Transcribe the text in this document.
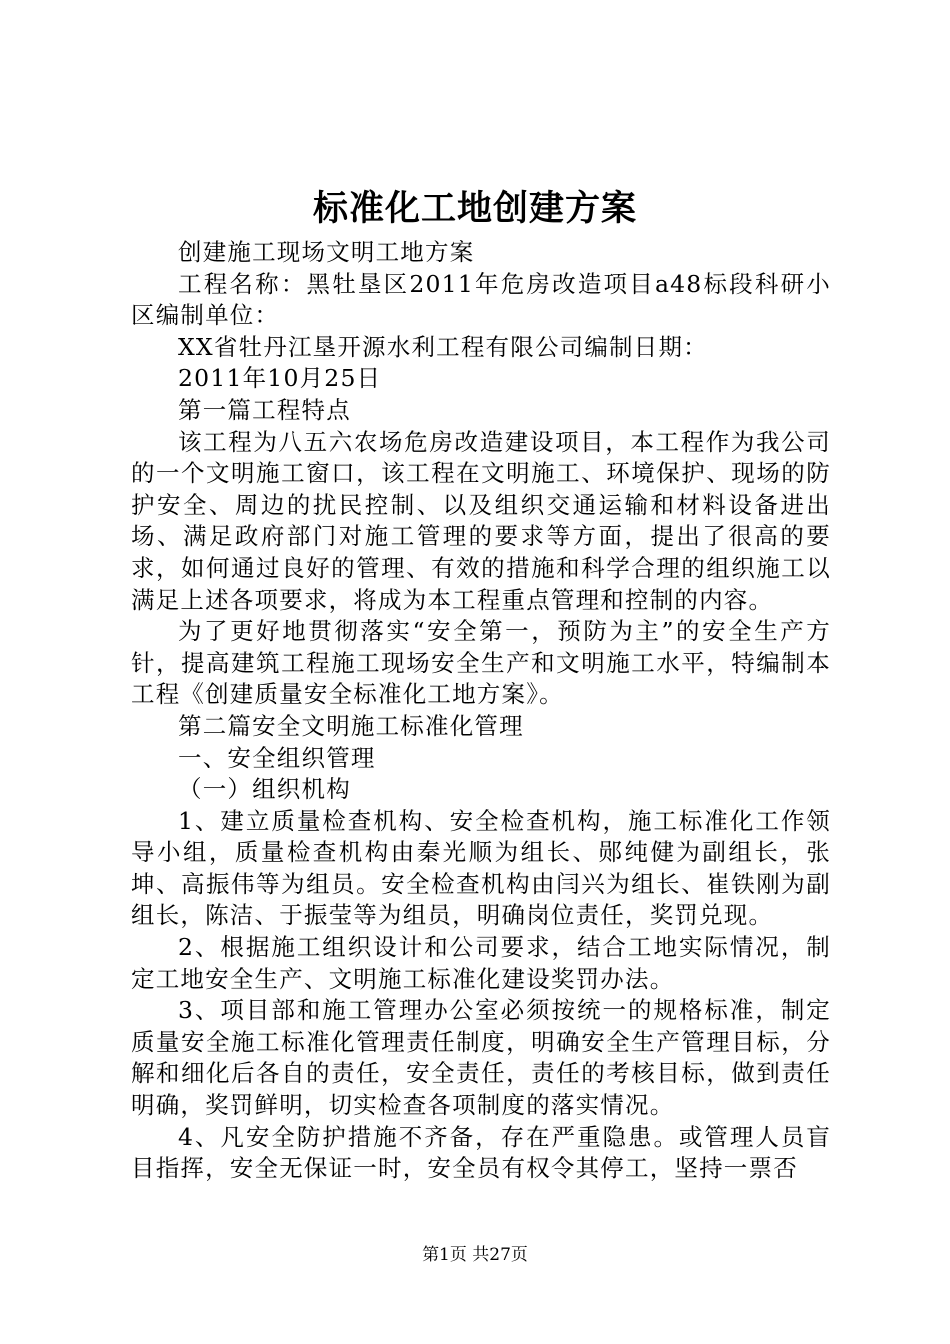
标准化工地创建方案

创建施工现场文明工地方案

工程名称：黑牡垦区2011年危房改造项目a48标段科研小区编制单位：

XX省牡丹江垦开源水利工程有限公司编制日期：

2011年10月25日

第一篇工程特点

该工程为八五六农场危房改造建设项目，本工程作为我公司的一个文明施工窗口，该工程在文明施工、环境保护、现场的防护安全、周边的扰民控制、以及组织交通运输和材料设备进出场、满足政府部门对施工管理的要求等方面，提出了很高的要求，如何通过良好的管理、有效的措施和科学合理的组织施工以满足上述各项要求，将成为本工程重点管理和控制的内容。

为了更好地贯彻落实“安全第一，预防为主”的安全生产方针，提高建筑工程施工现场安全生产和文明施工水平，特编制本工程《创建质量安全标准化工地方案》。

第二篇安全文明施工标准化管理

一、安全组织管理

（一）组织机构

1、建立质量检查机构、安全检查机构，施工标准化工作领导小组，质量检查机构由秦光顺为组长、郧纯健为副组长，张坤、高振伟等为组员。安全检查机构由闫兴为组长、崔铁刚为副组长，陈洁、于振莹等为组员，明确岗位责任，奖罚兑现。

2、根据施工组织设计和公司要求，结合工地实际情况，制定工地安全生产、文明施工标准化建设奖罚办法。

3、项目部和施工管理办公室必须按统一的规格标准，制定质量安全施工标准化管理责任制度，明确安全生产管理目标，分解和细化后各自的责任，安全责任，责任的考核目标，做到责任明确，奖罚鲜明，切实检查各项制度的落实情况。

4、凡安全防护措施不齐备，存在严重隐患。或管理人员盲目指挥，安全无保证一时，安全员有权令其停工，坚持一票否

第1页 共27页
